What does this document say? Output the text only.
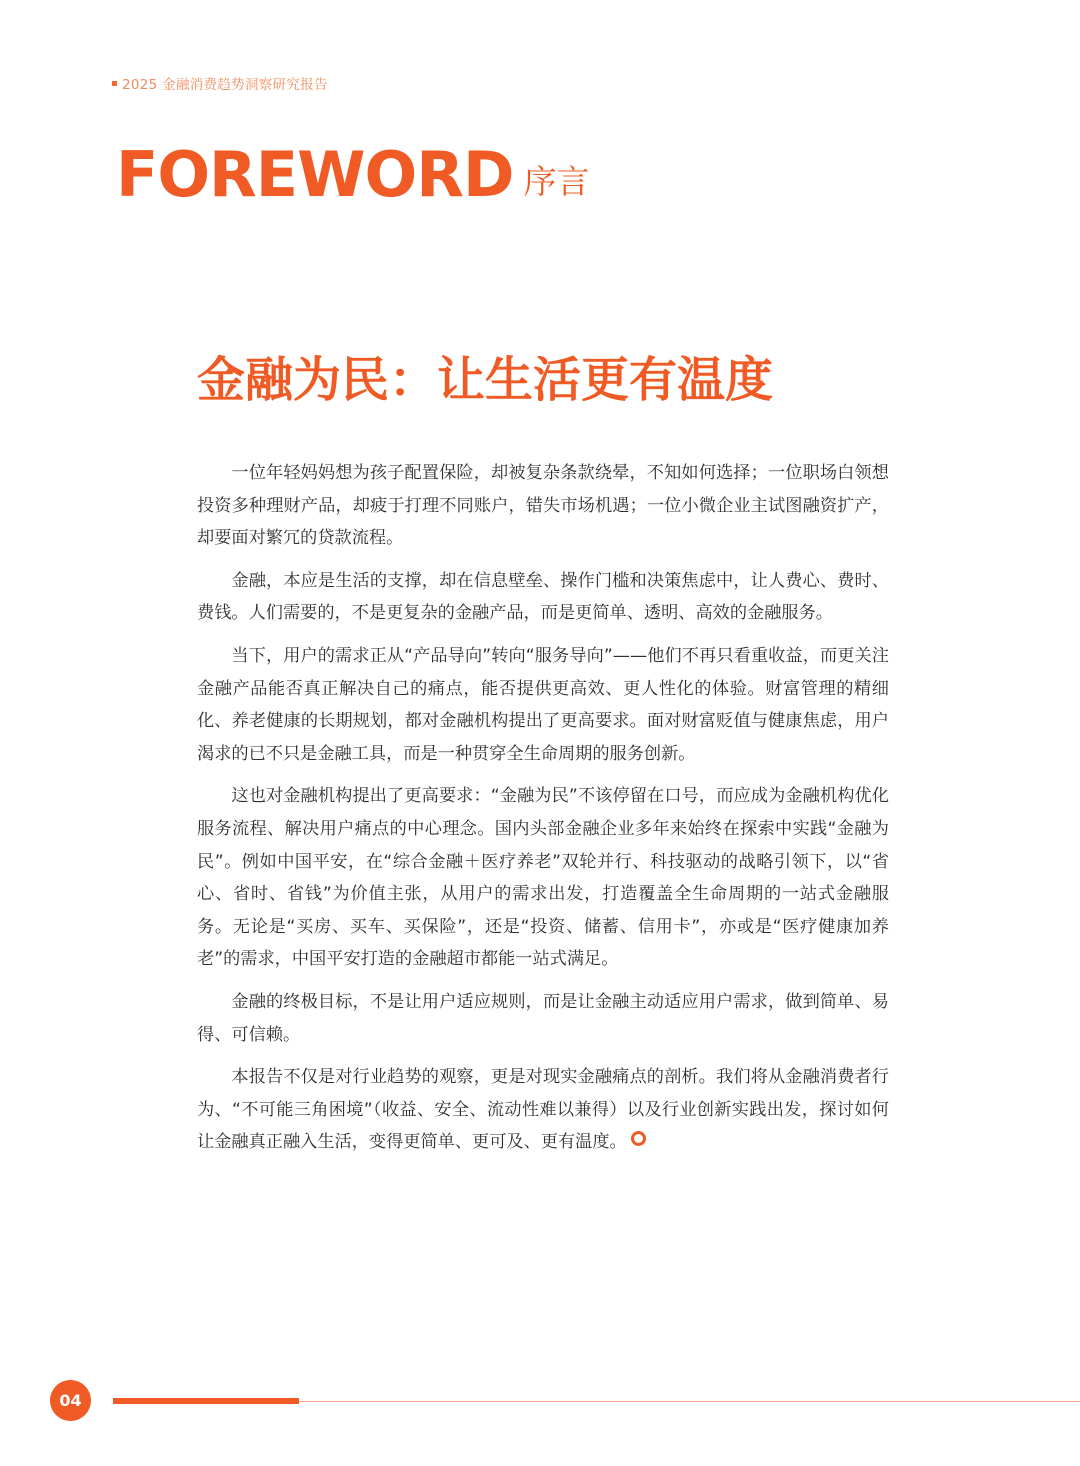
2025 金融消费趋势洞察研究报告
FOREWORD 序言
金融为民：让生活更有温度

一位年轻妈妈想为孩子配置保险，却被复杂条款绕晕，不知如何选择；一位职场白领想投资多种理财产品，却疲于打理不同账户，错失市场机遇；一位小微企业主试图融资扩产，却要面对繁冗的贷款流程。

金融，本应是生活的支撑，却在信息壁垒、操作门槛和决策焦虑中，让人费心、费时、费钱。人们需要的，不是更复杂的金融产品，而是更简单、透明、高效的金融服务。

当下，用户的需求正从“产品导向”转向“服务导向”——他们不再只看重收益，而更关注金融产品能否真正解决自己的痛点，能否提供更高效、更人性化的体验。财富管理的精细化、养老健康的长期规划，都对金融机构提出了更高要求。面对财富贬值与健康焦虑，用户渴求的已不只是金融工具，而是一种贯穿全生命周期的服务创新。

这也对金融机构提出了更高要求：“金融为民”不该停留在口号，而应成为金融机构优化服务流程、解决用户痛点的中心理念。国内头部金融企业多年来始终在探索中实践“金融为民”。例如中国平安，在“综合金融＋医疗养老”双轮并行、科技驱动的战略引领下，以“省心、省时、省钱”为价值主张，从用户的需求出发，打造覆盖全生命周期的一站式金融服务。无论是“买房、买车、买保险”，还是“投资、储蓄、信用卡”，亦或是“医疗健康加养老”的需求，中国平安打造的金融超市都能一站式满足。

金融的终极目标，不是让用户适应规则，而是让金融主动适应用户需求，做到简单、易得、可信赖。

本报告不仅是对行业趋势的观察，更是对现实金融痛点的剖析。我们将从金融消费者行为、“不可能三角困境”（收益、安全、流动性难以兼得）以及行业创新实践出发，探讨如何让金融真正融入生活，变得更简单、更可及、更有温度。

04
